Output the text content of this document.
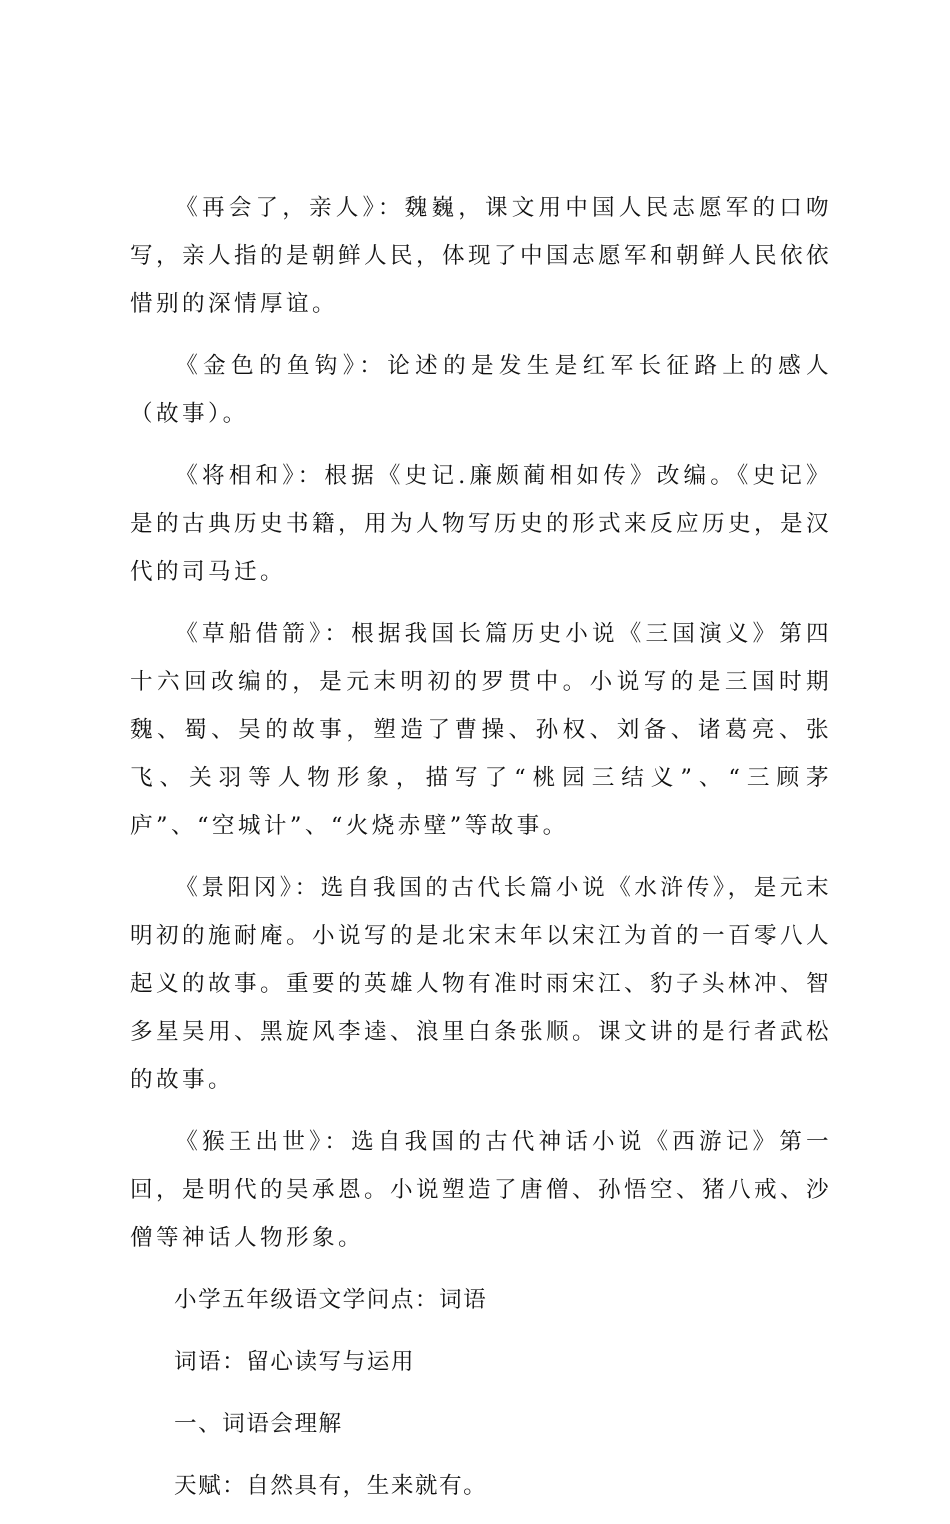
《再会了，亲人》：魏巍，课文用中国人民志愿军的口吻写，亲人指的是朝鲜人民，体现了中国志愿军和朝鲜人民依依惜别的深情厚谊。

《金色的鱼钩》：论述的是发生是红军长征路上的感人（故事）。

《将相和》：根据《史记.廉颇蔺相如传》改编。《史记》是的古典历史书籍，用为人物写历史的形式来反应历史，是汉代的司马迁。

《草船借箭》：根据我国长篇历史小说《三国演义》第四十六回改编的，是元末明初的罗贯中。小说写的是三国时期魏、蜀、吴的故事，塑造了曹操、孙权、刘备、诸葛亮、张飞、关羽等人物形象，描写了“桃园三结义”、“三顾茅庐”、“空城计”、“火烧赤壁”等故事。

《景阳冈》：选自我国的古代长篇小说《水浒传》，是元末明初的施耐庵。小说写的是北宋末年以宋江为首的一百零八人起义的故事。重要的英雄人物有准时雨宋江、豹子头林冲、智多星吴用、黑旋风李逵、浪里白条张顺。课文讲的是行者武松的故事。

《猴王出世》：选自我国的古代神话小说《西游记》第一回，是明代的吴承恩。小说塑造了唐僧、孙悟空、猪八戒、沙僧等神话人物形象。

小学五年级语文学问点：词语

词语：留心读写与运用

一、词语会理解

天赋：自然具有，生来就有。
